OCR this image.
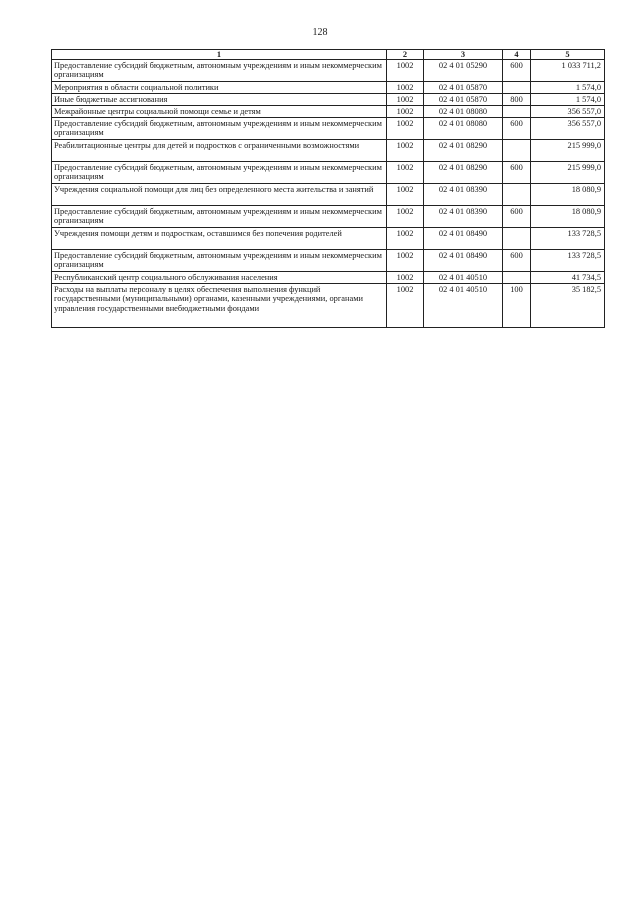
128
1	2	3	4	5
Предоставление субсидий бюджетным, автономным учреждениям и иным некоммерческим организациям	1002	02 4 01 05290	600	1 033 711,2
Мероприятия в области социальной политики	1002	02 4 01 05870		1 574,0
Иные бюджетные ассигнования	1002	02 4 01 05870	800	1 574,0
Межрайонные центры социальной помощи семье и детям	1002	02 4 01 08080		356 557,0
Предоставление субсидий бюджетным, автономным учреждениям и иным некоммерческим организациям	1002	02 4 01 08080	600	356 557,0
Реабилитационные центры для детей и подростков с ограниченными возможностями	1002	02 4 01 08290		215 999,0
Предоставление субсидий бюджетным, автономным учреждениям и иным некоммерческим организациям	1002	02 4 01 08290	600	215 999,0
Учреждения социальной помощи для лиц без определенного места жительства и занятий	1002	02 4 01 08390		18 080,9
Предоставление субсидий бюджетным, автономным учреждениям и иным некоммерческим организациям	1002	02 4 01 08390	600	18 080,9
Учреждения помощи детям и подросткам, оставшимся без попечения родителей	1002	02 4 01 08490		133 728,5
Предоставление субсидий бюджетным, автономным учреждениям и иным некоммерческим организациям	1002	02 4 01 08490	600	133 728,5
Республиканский центр социального обслуживания населения	1002	02 4 01 40510		41 734,5
Расходы на выплаты персоналу в целях обеспечения выполнения функций государственными (муниципальными) органами, казенными учреждениями, органами управления государственными внебюджетными фондами	1002	02 4 01 40510	100	35 182,5
